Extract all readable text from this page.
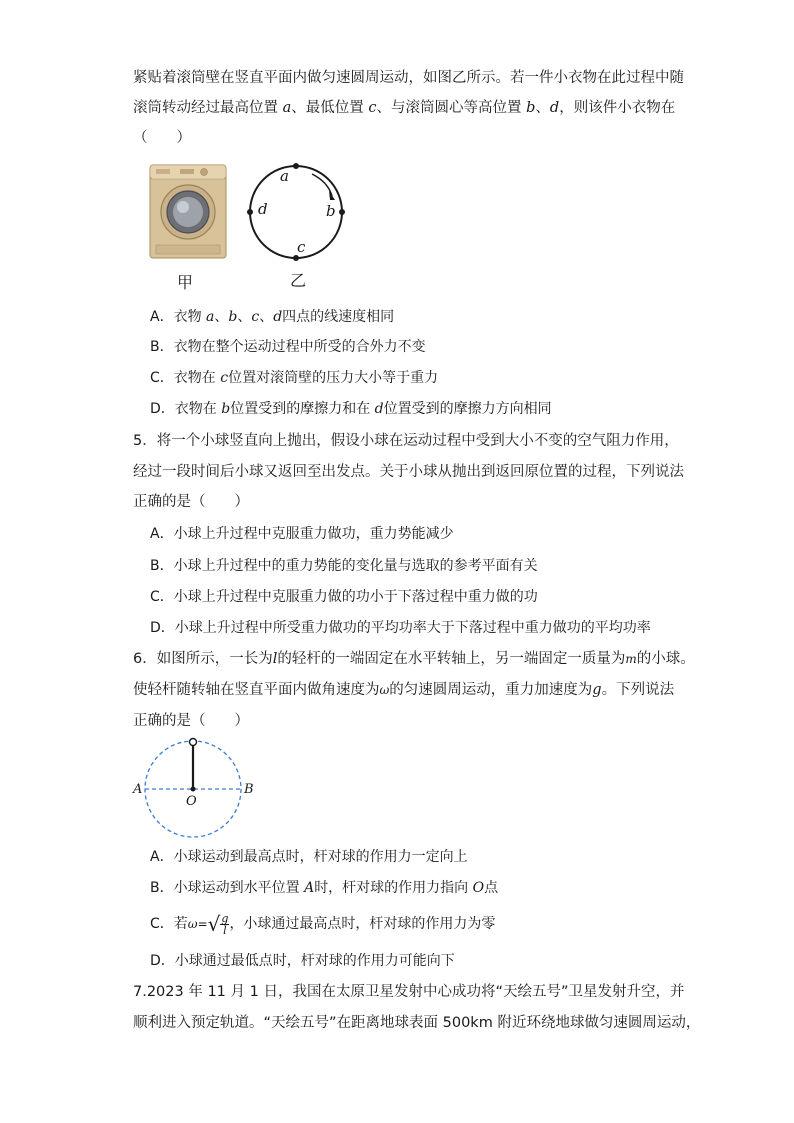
紧贴着滚筒壁在竖直平面内做匀速圆周运动，如图乙所示。若一件小衣物在此过程中随
滚筒转动经过最高位置 a、最低位置 c、与滚筒圆心等高位置 b、d，则该件小衣物在
（　　）
甲
a
b
c
d
乙
A．衣物 a、b、c、d四点的线速度相同
B．衣物在整个运动过程中所受的合外力不变
C．衣物在 c位置对滚筒壁的压力大小等于重力
D．衣物在 b位置受到的摩擦力和在 d位置受到的摩擦力方向相同
5．将一个小球竖直向上抛出，假设小球在运动过程中受到大小不变的空气阻力作用，
经过一段时间后小球又返回至出发点。关于小球从抛出到返回原位置的过程，下列说法
正确的是（　　）
A．小球上升过程中克服重力做功，重力势能减少
B．小球上升过程中的重力势能的变化量与选取的参考平面有关
C．小球上升过程中克服重力做的功小于下落过程中重力做的功
D．小球上升过程中所受重力做功的平均功率大于下落过程中重力做功的平均功率
6．如图所示，一长为l的轻杆的一端固定在水平转轴上，另一端固定一质量为m的小球。
使轻杆随转轴在竖直平面内做角速度为ω的匀速圆周运动，重力加速度为g。下列说法
正确的是（　　）
A
O
B
A．小球运动到最高点时，杆对球的作用力一定向上
B．小球运动到水平位置 A时，杆对球的作用力指向 O点
C．若$\omega=√ \frac{g}{l}$ ，小球通过最高点时，杆对球的作用力为零
D．小球通过最低点时，杆对球的作用力可能向下
7.2023 年 11 月 1 日，我国在太原卫星发射中心成功将“天绘五号”卫星发射升空，并
顺利进入预定轨道。“天绘五号”在距离地球表面 500km 附近环绕地球做匀速圆周运动，
